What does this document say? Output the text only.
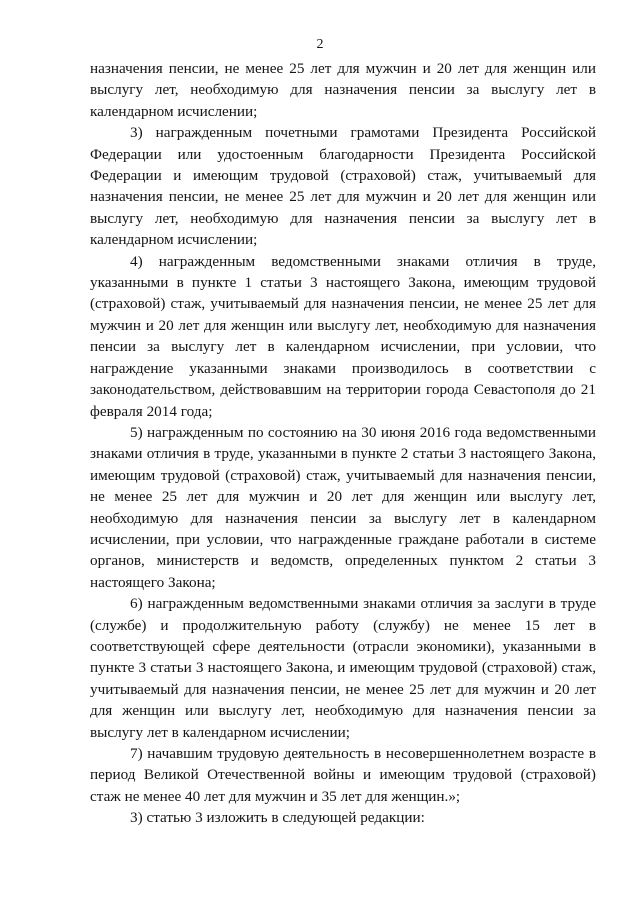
2

назначения пенсии, не менее 25 лет для мужчин и 20 лет для женщин или выслугу лет, необходимую для назначения пенсии за выслугу лет в календарном исчислении;

3) награжденным почетными грамотами Президента Российской Федерации или удостоенным благодарности Президента Российской Федерации и имеющим трудовой (страховой) стаж, учитываемый для назначения пенсии, не менее 25 лет для мужчин и 20 лет для женщин или выслугу лет, необходимую для назначения пенсии за выслугу лет в календарном исчислении;

4) награжденным ведомственными знаками отличия в труде, указанными в пункте 1 статьи 3 настоящего Закона, имеющим трудовой (страховой) стаж, учитываемый для назначения пенсии, не менее 25 лет для мужчин и 20 лет для женщин или выслугу лет, необходимую для назначения пенсии за выслугу лет в календарном исчислении, при условии, что награждение указанными знаками производилось в соответствии с законодательством, действовавшим на территории города Севастополя до 21 февраля 2014 года;

5) награжденным по состоянию на 30 июня 2016 года ведомственными знаками отличия в труде, указанными в пункте 2 статьи 3 настоящего Закона, имеющим трудовой (страховой) стаж, учитываемый для назначения пенсии, не менее 25 лет для мужчин и 20 лет для женщин или выслугу лет, необходимую для назначения пенсии за выслугу лет в календарном исчислении, при условии, что награжденные граждане работали в системе органов, министерств и ведомств, определенных пунктом 2 статьи 3 настоящего Закона;

6) награжденным ведомственными знаками отличия за заслуги в труде (службе) и продолжительную работу (службу) не менее 15 лет в соответствующей сфере деятельности (отрасли экономики), указанными в пункте 3 статьи 3 настоящего Закона, и имеющим трудовой (страховой) стаж, учитываемый для назначения пенсии, не менее 25 лет для мужчин и 20 лет для женщин или выслугу лет, необходимую для назначения пенсии за выслугу лет в календарном исчислении;

7) начавшим трудовую деятельность в несовершеннолетнем возрасте в период Великой Отечественной войны и имеющим трудовой (страховой) стаж не менее 40 лет для мужчин и 35 лет для женщин.»;

3) статью 3 изложить в следующей редакции:
